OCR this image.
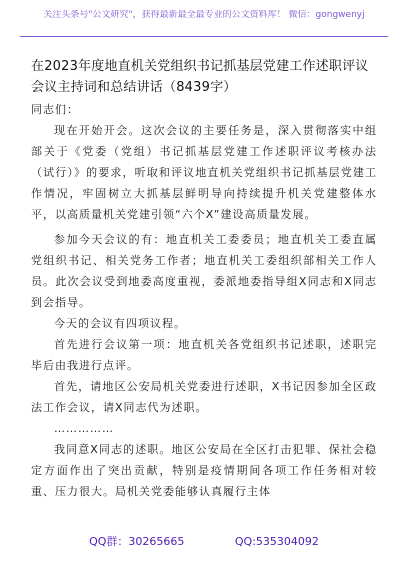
关注头条号"公文研究"，获得最新最全最专业的公文资料库！ 微信：gongwenyj

在2023年度地直机关党组织书记抓基层党建工作述职评议会议主持词和总结讲话（8439字）

同志们：

现在开始开会。这次会议的主要任务是，深入贯彻落实中组部关于《党委（党组）书记抓基层党建工作述职评议考核办法（试行）》的要求，听取和评议地直机关党组织书记抓基层党建工作情况，牢固树立大抓基层鲜明导向持续提升机关党建整体水平，以高质量机关党建引领“六个X”建设高质量发展。

参加今天会议的有：地直机关工委委员；地直机关工委直属党组织书记、相关党务工作者；地直机关工委组织部相关工作人员。此次会议受到地委高度重视，委派地委指导组X同志和X同志到会指导。

今天的会议有四项议程。

首先进行会议第一项：地直机关各党组织书记述职，述职完毕后由我进行点评。

首先，请地区公安局机关党委进行述职，X书记因参加全区政法工作会议，请X同志代为述职。

……………

我同意X同志的述职。地区公安局在全区打击犯罪、保社会稳定方面作出了突出贡献，特别是疫情期间各项工作任务相对较重、压力很大。局机关党委能够认真履行主体

QQ群：30265665	QQ:535304092
